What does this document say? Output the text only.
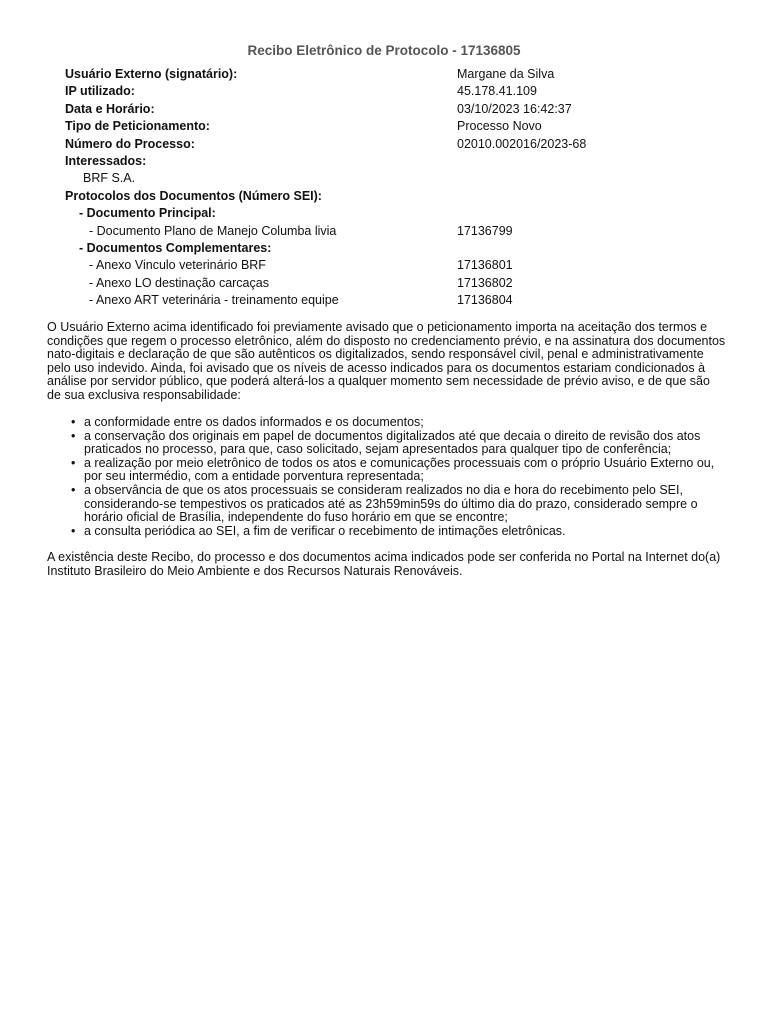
Recibo Eletrônico de Protocolo - 17136805
Usuário Externo (signatário):	Margane da Silva
IP utilizado:	45.178.41.109
Data e Horário:	03/10/2023 16:42:37
Tipo de Peticionamento:	Processo Novo
Número do Processo:	02010.002016/2023-68
Interessados:
BRF S.A.
Protocolos dos Documentos (Número SEI):
- Documento Principal:
- Documento Plano de Manejo Columba livia	17136799
- Documentos Complementares:
- Anexo Vinculo veterinário BRF	17136801
- Anexo LO destinação carcaças	17136802
- Anexo ART veterinária - treinamento equipe	17136804
O Usuário Externo acima identificado foi previamente avisado que o peticionamento importa na aceitação dos termos e condições que regem o processo eletrônico, além do disposto no credenciamento prévio, e na assinatura dos documentos nato-digitais e declaração de que são autênticos os digitalizados, sendo responsável civil, penal e administrativamente pelo uso indevido. Ainda, foi avisado que os níveis de acesso indicados para os documentos estariam condicionados à análise por servidor público, que poderá alterá-los a qualquer momento sem necessidade de prévio aviso, e de que são de sua exclusiva responsabilidade:
• a conformidade entre os dados informados e os documentos;
• a conservação dos originais em papel de documentos digitalizados até que decaia o direito de revisão dos atos praticados no processo, para que, caso solicitado, sejam apresentados para qualquer tipo de conferência;
• a realização por meio eletrônico de todos os atos e comunicações processuais com o próprio Usuário Externo ou, por seu intermédio, com a entidade porventura representada;
• a observância de que os atos processuais se consideram realizados no dia e hora do recebimento pelo SEI, considerando-se tempestivos os praticados até as 23h59min59s do último dia do prazo, considerado sempre o horário oficial de Brasília, independente do fuso horário em que se encontre;
• a consulta periódica ao SEI, a fim de verificar o recebimento de intimações eletrônicas.
A existência deste Recibo, do processo e dos documentos acima indicados pode ser conferida no Portal na Internet do(a) Instituto Brasileiro do Meio Ambiente e dos Recursos Naturais Renováveis.
